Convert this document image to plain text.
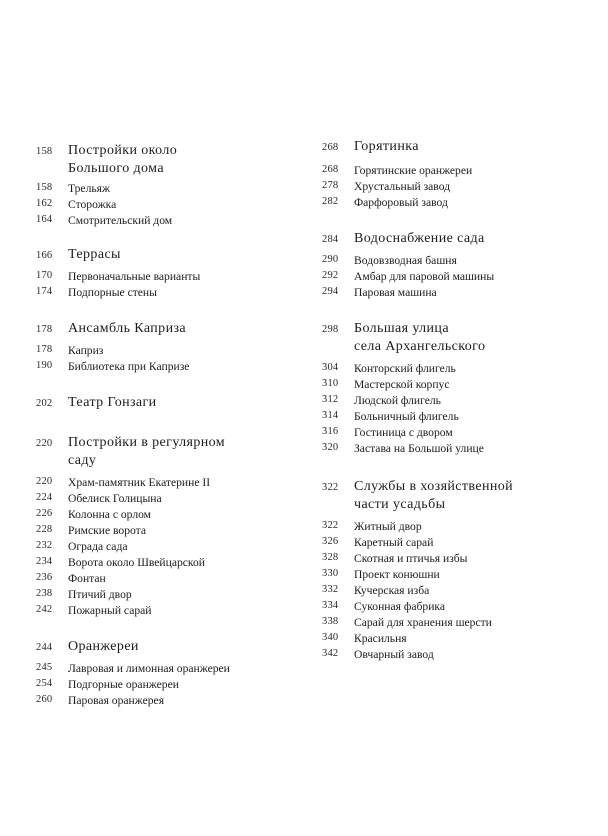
158 Постройки около
Большого дома
158 Трельяж
162 Сторожка
164 Смотрительский дом
166 Террасы
170 Первоначальные варианты
174 Подпорные стены
178 Ансамбль Каприза
178 Каприз
190 Библиотека при Капризе
202 Театр Гонзаги
220 Постройки в регулярном
саду
220 Храм-памятник Екатерине II
224 Обелиск Голицына
226 Колонна с орлом
228 Римские ворота
232 Ограда сада
234 Ворота около Швейцарской
236 Фонтан
238 Птичий двор
242 Пожарный сарай
244 Оранжереи
245 Лавровая и лимонная оранжереи
254 Подгорные оранжереи
260 Паровая оранжерея
268 Горятинка
268 Горятинские оранжереи
278 Хрустальный завод
282 Фарфоровый завод
284 Водоснабжение сада
290 Водовзводная башня
292 Амбар для паровой машины
294 Паровая машина
298 Большая улица
села Архангельского
304 Конторский флигель
310 Мастерской корпус
312 Людской флигель
314 Больничный флигель
316 Гостиница с двором
320 Застава на Большой улице
322 Службы в хозяйственной
части усадьбы
322 Житный двор
326 Каретный сарай
328 Скотная и птичья избы
330 Проект конюшни
332 Кучерская изба
334 Суконная фабрика
338 Сарай для хранения шерсти
340 Красильня
342 Овчарный завод
